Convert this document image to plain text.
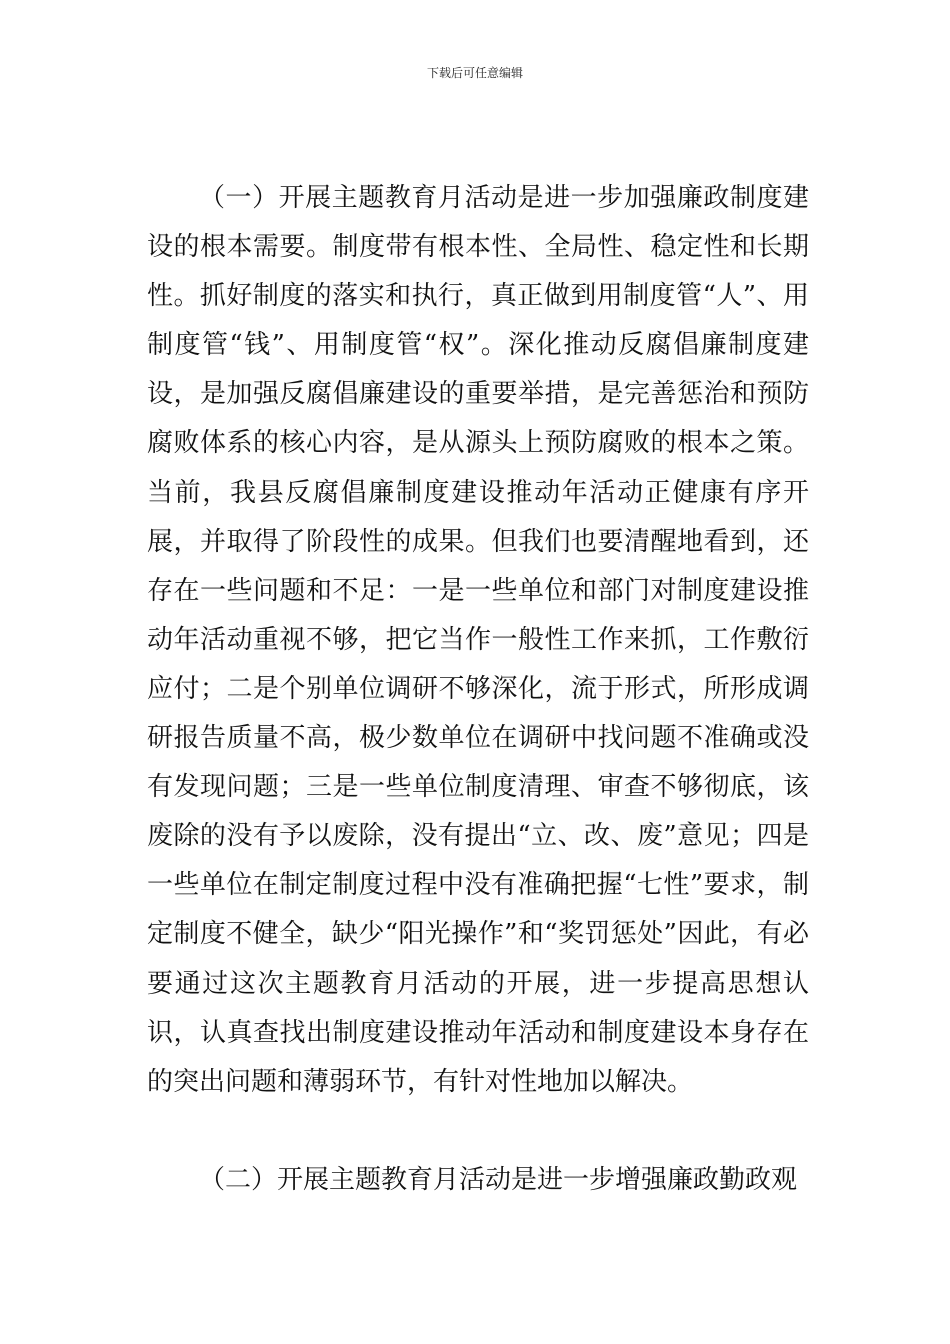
下载后可任意编辑

（一）开展主题教育月活动是进一步加强廉政制度建设的根本需要。制度带有根本性、全局性、稳定性和长期性。抓好制度的落实和执行，真正做到用制度管“人”、用制度管“钱”、用制度管“权”。深化推动反腐倡廉制度建设，是加强反腐倡廉建设的重要举措，是完善惩治和预防腐败体系的核心内容，是从源头上预防腐败的根本之策。当前，我县反腐倡廉制度建设推动年活动正健康有序开展，并取得了阶段性的成果。但我们也要清醒地看到，还存在一些问题和不足：一是一些单位和部门对制度建设推动年活动重视不够，把它当作一般性工作来抓，工作敷衍应付；二是个别单位调研不够深化，流于形式，所形成调研报告质量不高，极少数单位在调研中找问题不准确或没有发现问题；三是一些单位制度清理、审查不够彻底，该废除的没有予以废除，没有提出“立、改、废”意见；四是一些单位在制定制度过程中没有准确把握“七性”要求，制定制度不健全，缺少“阳光操作”和“奖罚惩处”因此，有必要通过这次主题教育月活动的开展，进一步提高思想认识，认真查找出制度建设推动年活动和制度建设本身存在的突出问题和薄弱环节，有针对性地加以解决。

（二）开展主题教育月活动是进一步增强廉政勤政观
